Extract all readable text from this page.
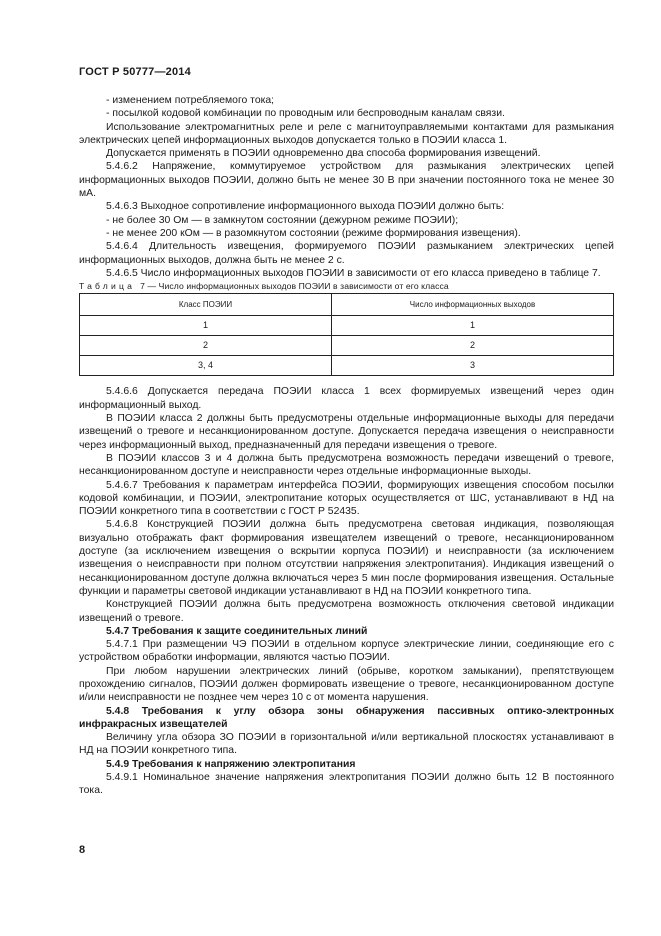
ГОСТ Р 50777—2014

- изменением потребляемого тока;

- посылкой кодовой комбинации по проводным или беспроводным каналам связи.

Использование электромагнитных реле и реле с магнитоуправляемыми контактами для размыкания электрических цепей информационных выходов допускается только в ПОЭИИ класса 1.

Допускается применять в ПОЭИИ одновременно два способа формирования извещений.

5.4.6.2 Напряжение, коммутируемое устройством для размыкания электрических цепей информационных выходов ПОЭИИ, должно быть не менее 30 В при значении постоянного тока не менее 30 мА.

5.4.6.3 Выходное сопротивление информационного выхода ПОЭИИ должно быть:

- не более 30 Ом — в замкнутом состоянии (дежурном режиме ПОЭИИ);

- не менее 200 кОм — в разомкнутом состоянии (режиме формирования извещения).

5.4.6.4 Длительность извещения, формируемого ПОЭИИ размыканием электрических цепей информационных выходов, должна быть не менее 2 с.

5.4.6.5 Число информационных выходов ПОЭИИ в зависимости от его класса приведено в таблице 7.

Таблица 7 — Число информационных выходов ПОЭИИ в зависимости от его класса

Класс ПОЭИИ	Число информационных выходов
1	1
2	2
3, 4	3

5.4.6.6 Допускается передача ПОЭИИ класса 1 всех формируемых извещений через один информационный выход.

В ПОЭИИ класса 2 должны быть предусмотрены отдельные информационные выходы для передачи извещений о тревоге и несанкционированном доступе. Допускается передача извещения о неисправности через информационный выход, предназначенный для передачи извещения о тревоге.

В ПОЭИИ классов 3 и 4 должна быть предусмотрена возможность передачи извещений о тревоге, несанкционированном доступе и неисправности через отдельные информационные выходы.

5.4.6.7 Требования к параметрам интерфейса ПОЭИИ, формирующих извещения способом посылки кодовой комбинации, и ПОЭИИ, электропитание которых осуществляется от ШС, устанавливают в НД на ПОЭИИ конкретного типа в соответствии с ГОСТ Р 52435.

5.4.6.8 Конструкцией ПОЭИИ должна быть предусмотрена световая индикация, позволяющая визуально отображать факт формирования извещателем извещений о тревоге, несанкционированном доступе (за исключением извещения о вскрытии корпуса ПОЭИИ) и неисправности (за исключением извещения о неисправности при полном отсутствии напряжения электропитания). Индикация извещений о несанкционированном доступе должна включаться через 5 мин после формирования извещения. Остальные функции и параметры световой индикации устанавливают в НД на ПОЭИИ конкретного типа.

Конструкцией ПОЭИИ должна быть предусмотрена возможность отключения световой индикации извещений о тревоге.

5.4.7 Требования к защите соединительных линий

5.4.7.1 При размещении ЧЭ ПОЭИИ в отдельном корпусе электрические линии, соединяющие его с устройством обработки информации, являются частью ПОЭИИ.

При любом нарушении электрических линий (обрыве, коротком замыкании), препятствующем прохождению сигналов, ПОЭИИ должен формировать извещение о тревоге, несанкционированном доступе и/или неисправности не позднее чем через 10 с от момента нарушения.

5.4.8 Требования к углу обзора зоны обнаружения пассивных оптико-электронных инфракрасных извещателей

Величину угла обзора ЗО ПОЭИИ в горизонтальной и/или вертикальной плоскостях устанавливают в НД на ПОЭИИ конкретного типа.

5.4.9 Требования к напряжению электропитания

5.4.9.1 Номинальное значение напряжения электропитания ПОЭИИ должно быть 12 В постоянного тока.

8
